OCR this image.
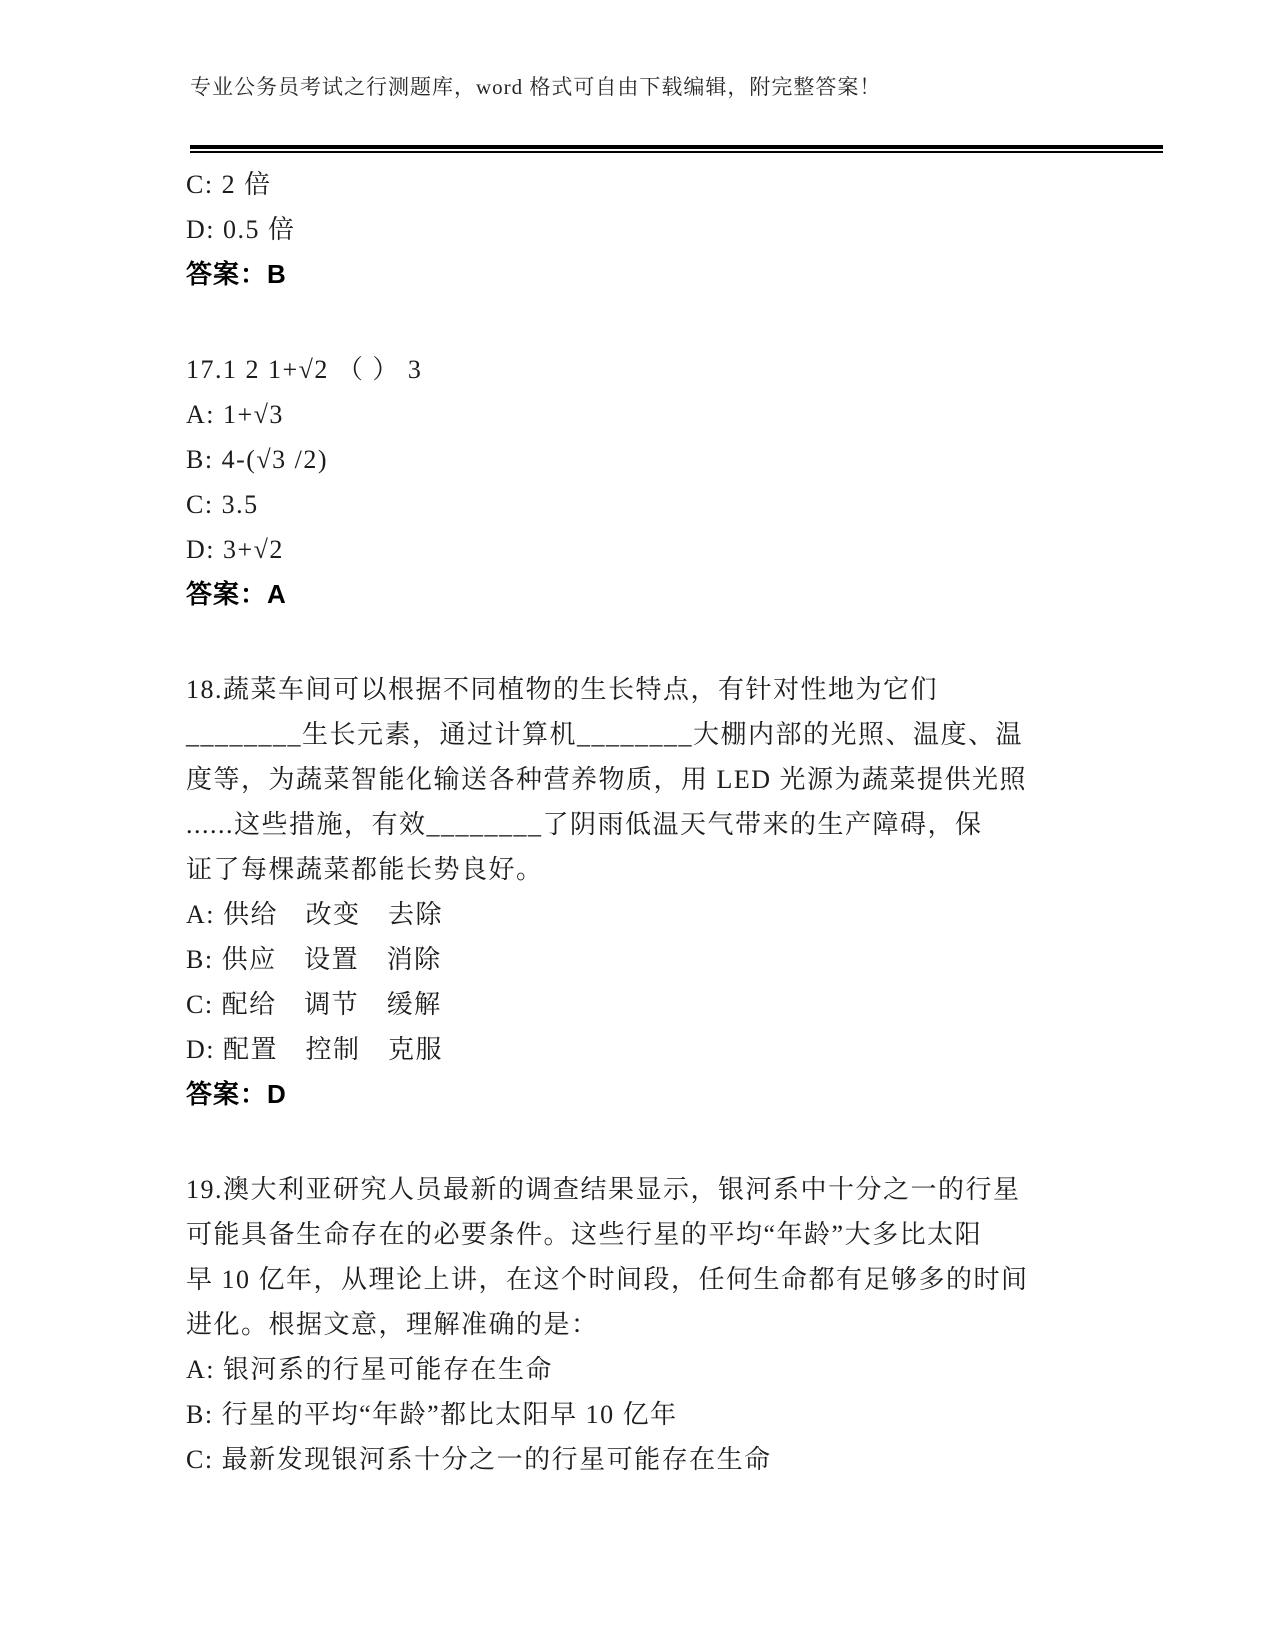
专业公务员考试之行测题库，word 格式可自由下载编辑，附完整答案！

C: 2 倍

D: 0.5 倍

答案：B

17.1 2 1+√2 （ ） 3

A: 1+√3

B: 4-(√3 /2)

C: 3.5

D: 3+√2

答案：A

18.蔬菜车间可以根据不同植物的生长特点，有针对性地为它们

________生长元素，通过计算机________大棚内部的光照、温度、温

度等，为蔬菜智能化输送各种营养物质，用 LED 光源为蔬菜提供光照

......这些措施，有效________了阴雨低温天气带来的生产障碍，保

证了每棵蔬菜都能长势良好。

A: 供给　改变　去除

B: 供应　设置　消除

C: 配给　调节　缓解

D: 配置　控制　克服

答案：D

19.澳大利亚研究人员最新的调查结果显示，银河系中十分之一的行星

可能具备生命存在的必要条件。这些行星的平均“年龄”大多比太阳

早 10 亿年，从理论上讲，在这个时间段，任何生命都有足够多的时间

进化。根据文意，理解准确的是：

A: 银河系的行星可能存在生命

B: 行星的平均“年龄”都比太阳早 10 亿年

C: 最新发现银河系十分之一的行星可能存在生命
